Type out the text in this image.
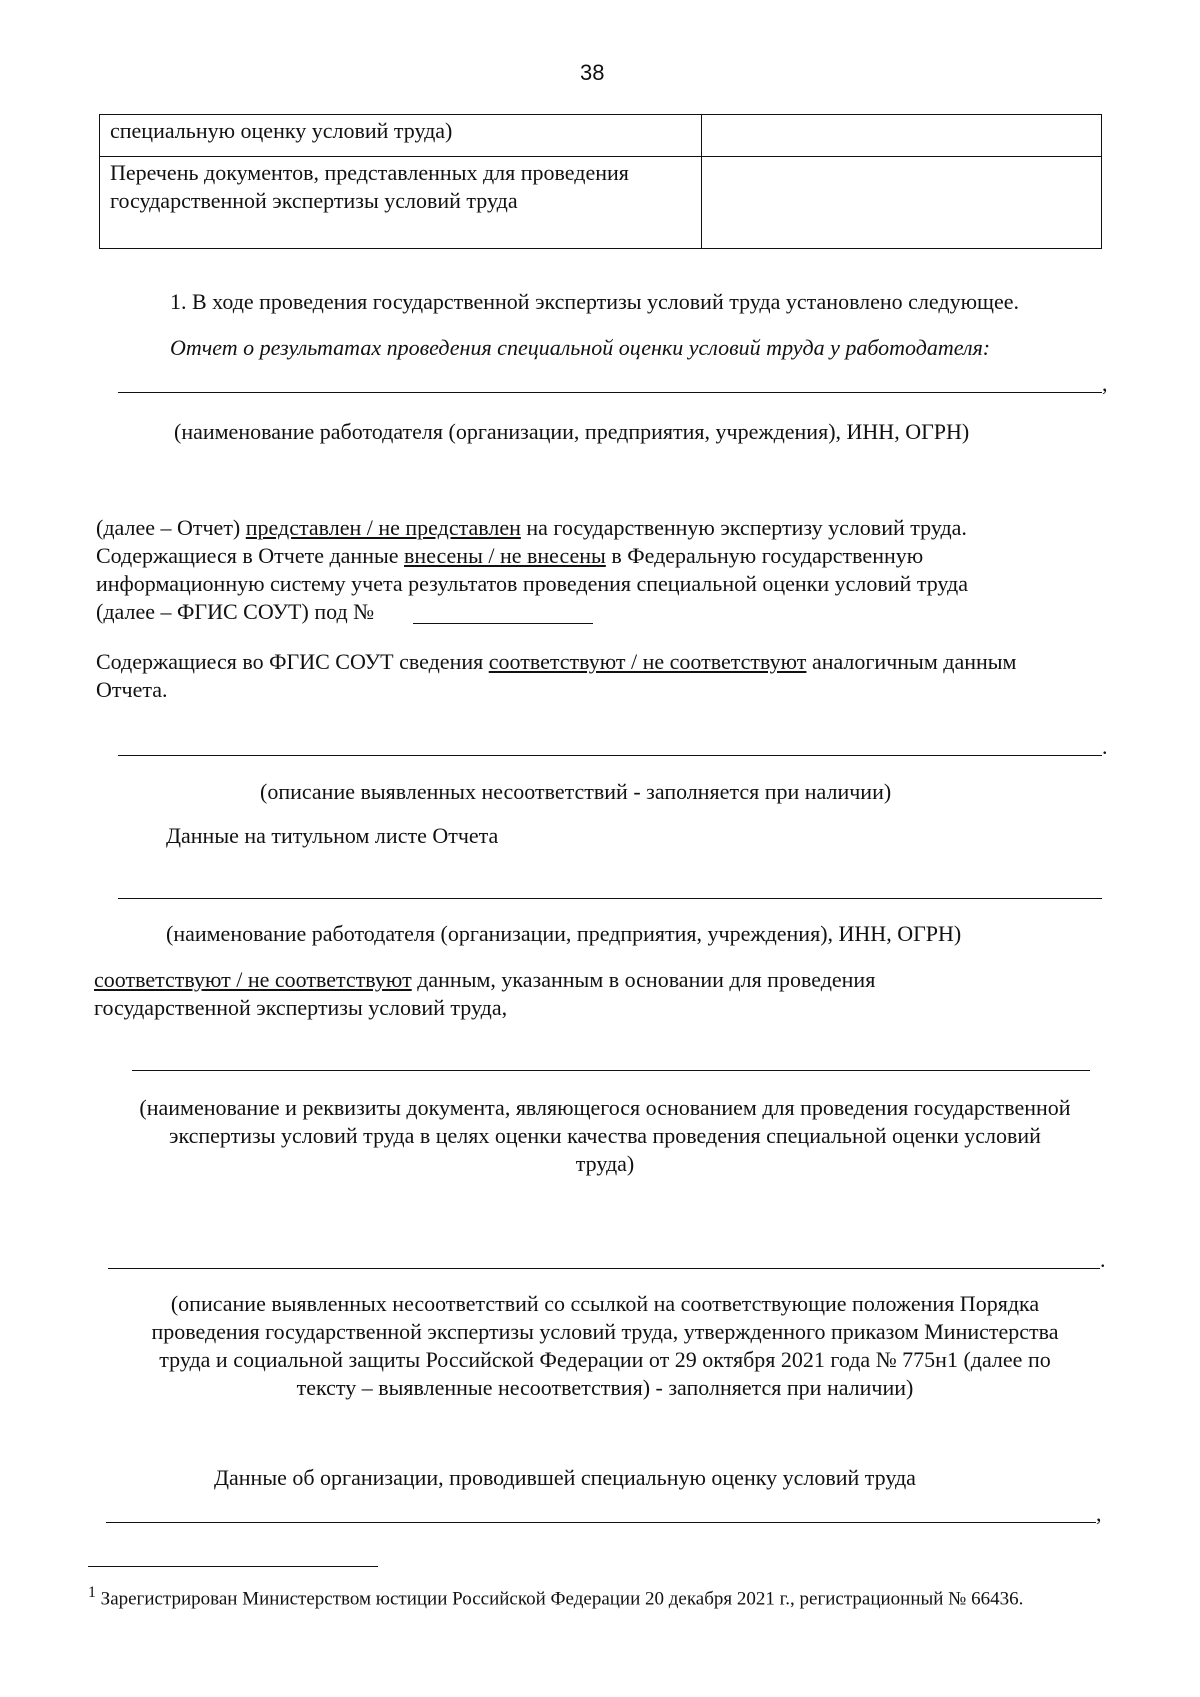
38
специальную оценку условий труда)	
Перечень документов, представленных для проведения
государственной экспертизы условий труда	
1. В ходе проведения государственной экспертизы условий труда установлено следующее.
Отчет о результатах проведения специальной оценки условий труда у работодателя:
,
(наименование работодателя (организации, предприятия, учреждения), ИНН, ОГРН)
(далее – Отчет) представлен / не представлен на государственную экспертизу условий труда.
Содержащиеся в Отчете данные внесены / не внесены в Федеральную государственную
информационную систему учета результатов проведения специальной оценки условий труда
(далее – ФГИС СОУТ) под №
Содержащиеся во ФГИС СОУТ сведения соответствуют / не соответствуют аналогичным данным
Отчета.
.
(описание выявленных несоответствий - заполняется при наличии)
Данные на титульном листе Отчета
(наименование работодателя (организации, предприятия, учреждения), ИНН, ОГРН)
соответствуют / не соответствуют данным, указанным в основании для проведения
государственной экспертизы условий труда,
(наименование и реквизиты документа, являющегося основанием для проведения государственной
экспертизы условий труда в целях оценки качества проведения специальной оценки условий
труда)
.
(описание выявленных несоответствий со ссылкой на соответствующие положения Порядка
проведения государственной экспертизы условий труда, утвержденного приказом Министерства
труда и социальной защиты Российской Федерации от 29 октября 2021 года № 775н1 (далее по
тексту – выявленные несоответствия) - заполняется при наличии)
Данные об организации, проводившей специальную оценку условий труда
,
$^1$ Зарегистрирован Министерством юстиции Российской Федерации 20 декабря 2021 г., регистрационный № 66436.
